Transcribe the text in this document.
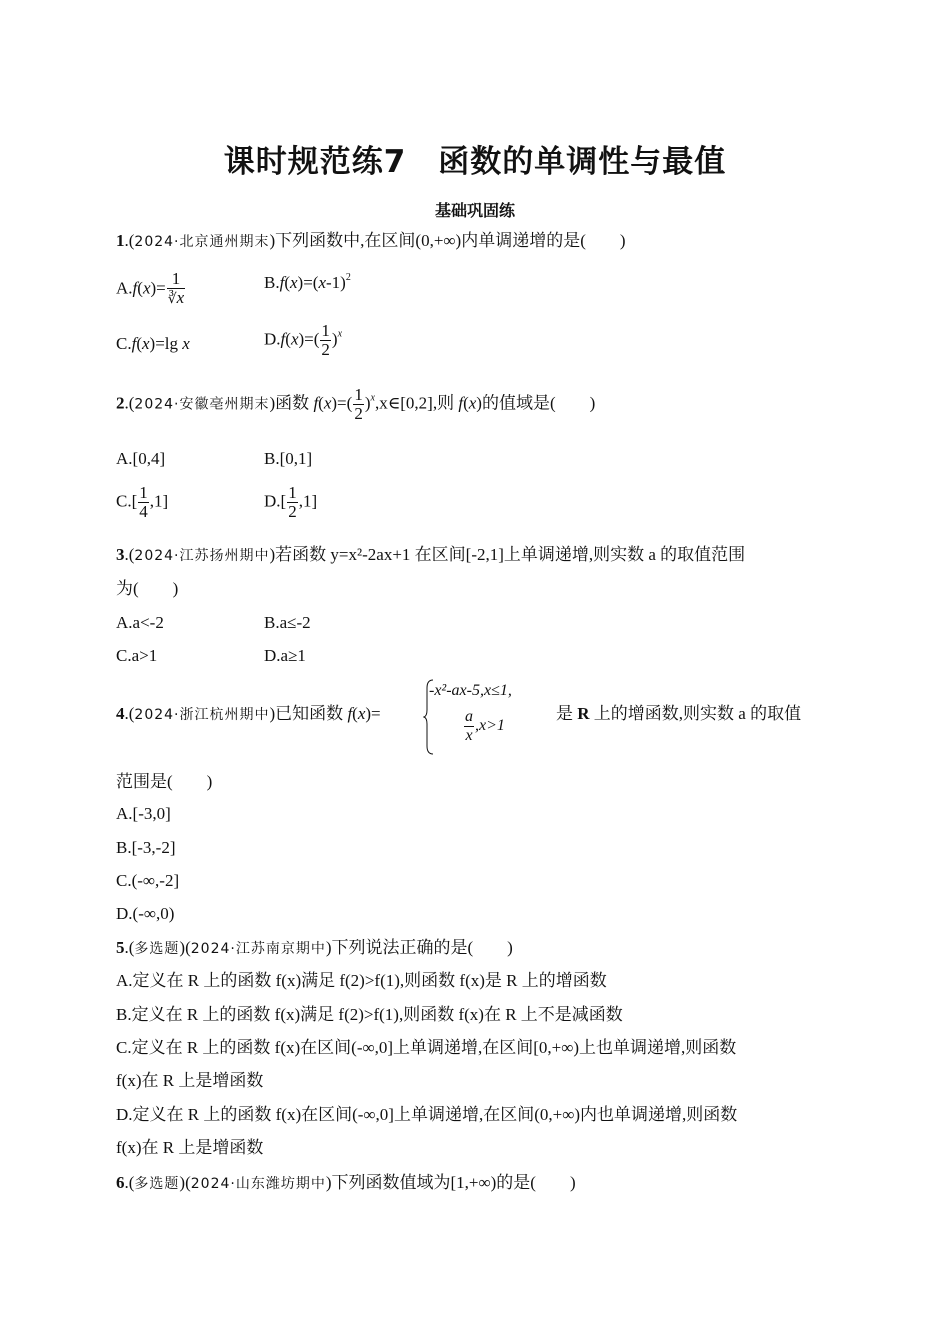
课时规范练7　函数的单调性与最值
基础巩固练
1.(2024·北京通州期末)下列函数中,在区间(0,+∞)内单调递增的是( )
$A.f(x)= \frac{1}{∛x}$	$B.f(x)=(x-1)^2$
C.f(x)=lg x	$D.f(x)=( \frac{1}{2} )^x$
2.(2024·安徽亳州期末)函数 $f(x)=( \frac{1}{2}$ )$^x,x\in[0,2]$,则 f(x)的值域是( )
A.[0,4]	B.[0,1]
$C.[ \frac{1}{4} ,1]$	$D.[ \frac{1}{2} ,1]$
3.(2024·江苏扬州期中)若函数 y=x²-2ax+1 在区间[-2,1]上单调递增,则实数 a 的取值范围
为( )
A.a<-2	B.a≤-2
C.a>1	D.a≥1
4.(2024·浙江杭州期中)已知函数 f(x)=
-x²-ax-5,x≤1,
$\frac{a}{x} ,x>1$
是 R 上的增函数,则实数 a 的取值
范围是( )
A.[-3,0]
B.[-3,-2]
C.(-∞,-2]
D.(-∞,0)
5.(多选题)(2024·江苏南京期中)下列说法正确的是( )
A.定义在 R 上的函数 f(x)满足 f(2)>f(1),则函数 f(x)是 R 上的增函数
B.定义在 R 上的函数 f(x)满足 f(2)>f(1),则函数 f(x)在 R 上不是减函数
C.定义在 R 上的函数 f(x)在区间(-∞,0]上单调递增,在区间[0,+∞)上也单调递增,则函数
f(x)在 R 上是增函数
D.定义在 R 上的函数 f(x)在区间(-∞,0]上单调递增,在区间(0,+∞)内也单调递增,则函数
f(x)在 R 上是增函数
6.(多选题)(2024·山东潍坊期中)下列函数值域为[1,+∞)的是( )
